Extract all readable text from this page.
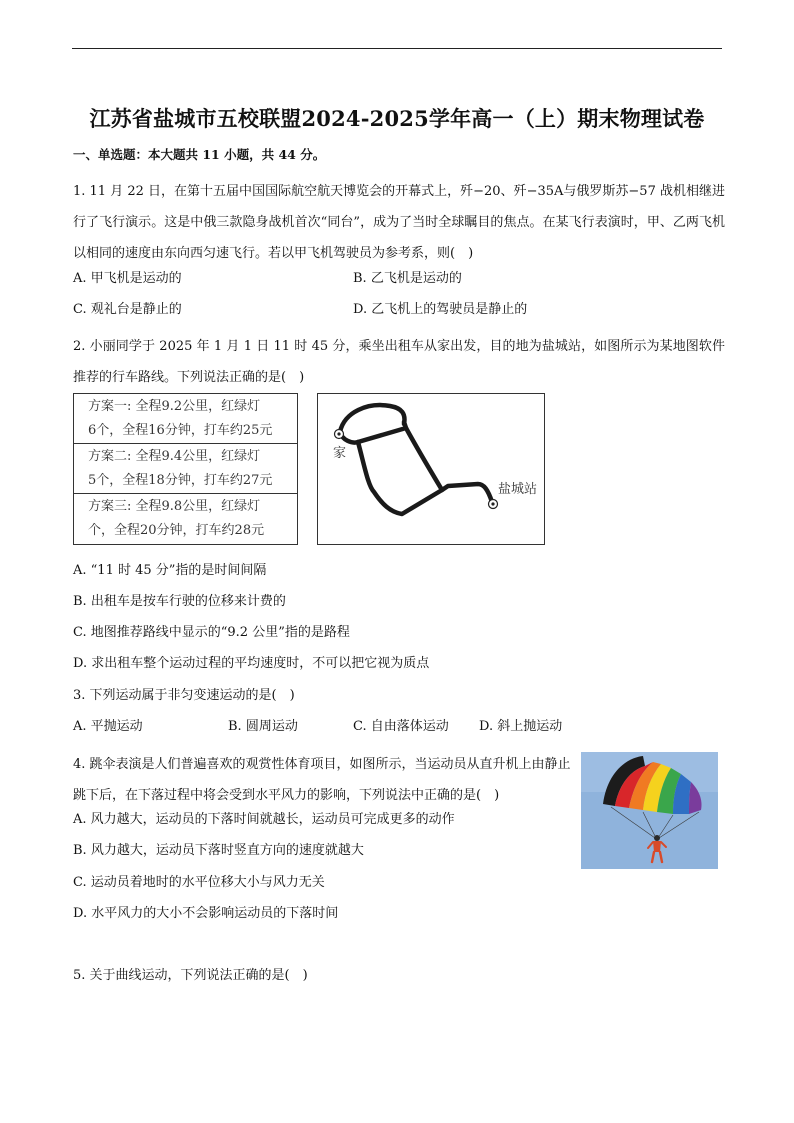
江苏省盐城市五校联盟2024-2025学年高一（上）期末物理试卷
一、单选题：本大题共 11 小题，共 44 分。
1. 11 月 22 日，在第十五届中国国际航空航天博览会的开幕式上，歼−20、歼−35A与俄罗斯苏−57 战机相继进行了飞行演示。这是中俄三款隐身战机首次“同台”，成为了当时全球瞩目的焦点。在某飞行表演时，甲、乙两飞机以相同的速度由东向西匀速飞行。若以甲飞机驾驶员为参考系，则(　)
A. 甲飞机是运动的	B. 乙飞机是运动的
C. 观礼台是静止的	D. 乙飞机上的驾驶员是静止的
2. 小丽同学于 2025 年 1 月 1 日 11 时 45 分，乘坐出租车从家出发，目的地为盐城站，如图所示为某地图软件推荐的行车路线。下列说法正确的是(　)
方案一: 全程9.2公里，红绿灯
6个，全程16分钟，打车约25元
方案二: 全程9.4公里，红绿灯
5个，全程18分钟，打车约27元
方案三: 全程9.8公里，红绿灯
个，全程20分钟，打车约28元
家
盐城站
A. “11 时 45 分”指的是时间间隔
B. 出租车是按车行驶的位移来计费的
C. 地图推荐路线中显示的“9.2 公里”指的是路程
D. 求出租车整个运动过程的平均速度时，不可以把它视为质点
3. 下列运动属于非匀变速运动的是(　)
A. 平抛运动	B. 圆周运动	C. 自由落体运动 D. 斜上抛运动
4. 跳伞表演是人们普遍喜欢的观赏性体育项目，如图所示，当运动员从直升机上由静止跳下后，在下落过程中将会受到水平风力的影响，下列说法中正确的是(　)
A. 风力越大，运动员的下落时间就越长，运动员可完成更多的动作
B. 风力越大，运动员下落时竖直方向的速度就越大
C. 运动员着地时的水平位移大小与风力无关
D. 水平风力的大小不会影响运动员的下落时间
5. 关于曲线运动，下列说法正确的是(　)
